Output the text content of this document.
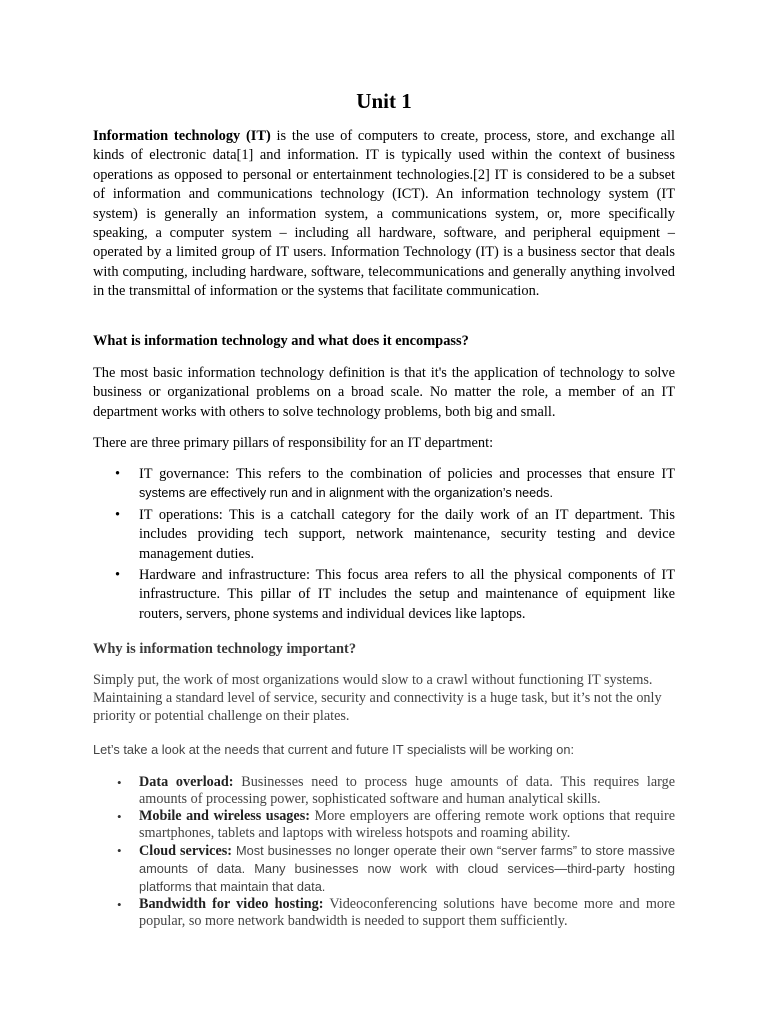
Unit 1

Information technology (IT) is the use of computers to create, process, store, and exchange all kinds of electronic data[1] and information. IT is typically used within the context of business operations as opposed to personal or entertainment technologies.[2] IT is considered to be a subset of information and communications technology (ICT). An information technology system (IT system) is generally an information system, a communications system, or, more specifically speaking, a computer system – including all hardware, software, and peripheral equipment – operated by a limited group of IT users. Information Technology (IT) is a business sector that deals with computing, including hardware, software, telecommunications and generally anything involved in the transmittal of information or the systems that facilitate communication.

What is information technology and what does it encompass?

The most basic information technology definition is that it's the application of technology to solve business or organizational problems on a broad scale. No matter the role, a member of an IT department works with others to solve technology problems, both big and small.

There are three primary pillars of responsibility for an IT department:

• IT governance: This refers to the combination of policies and processes that ensure IT systems are effectively run and in alignment with the organization’s needs.
• IT operations: This is a catchall category for the daily work of an IT department. This includes providing tech support, network maintenance, security testing and device management duties.
• Hardware and infrastructure: This focus area refers to all the physical components of IT infrastructure. This pillar of IT includes the setup and maintenance of equipment like routers, servers, phone systems and individual devices like laptops.

Why is information technology important?

Simply put, the work of most organizations would slow to a crawl without functioning IT systems. Maintaining a standard level of service, security and connectivity is a huge task, but it’s not the only priority or potential challenge on their plates.

Let’s take a look at the needs that current and future IT specialists will be working on:

• Data overload: Businesses need to process huge amounts of data. This requires large amounts of processing power, sophisticated software and human analytical skills.
• Mobile and wireless usages: More employers are offering remote work options that require smartphones, tablets and laptops with wireless hotspots and roaming ability.
• Cloud services: Most businesses no longer operate their own “server farms” to store massive amounts of data. Many businesses now work with cloud services—third-party hosting platforms that maintain that data.
• Bandwidth for video hosting: Videoconferencing solutions have become more and more popular, so more network bandwidth is needed to support them sufficiently.
